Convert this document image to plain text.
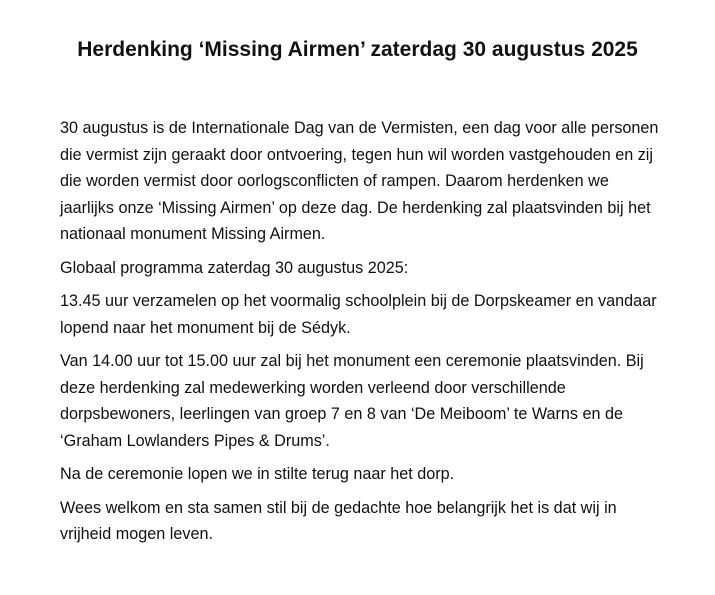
Herdenking ‘Missing Airmen’ zaterdag 30 augustus 2025

30 augustus is de Internationale Dag van de Vermisten, een dag voor alle personen die vermist zijn geraakt door ontvoering, tegen hun wil worden vastgehouden en zij die worden vermist door oorlogsconflicten of rampen. Daarom herdenken we jaarlijks onze ‘Missing Airmen’ op deze dag. De herdenking zal plaatsvinden bij het nationaal monument Missing Airmen.

Globaal programma zaterdag 30 augustus 2025:

13.45 uur verzamelen op het voormalig schoolplein bij de Dorpskeamer en vandaar lopend naar het monument bij de Sédyk.

Van 14.00 uur tot 15.00 uur zal bij het monument een ceremonie plaatsvinden. Bij deze herdenking zal medewerking worden verleend door verschillende dorpsbewoners, leerlingen van groep 7 en 8 van ‘De Meiboom’ te Warns en de ‘Graham Lowlanders Pipes & Drums’.

Na de ceremonie lopen we in stilte terug naar het dorp.

Wees welkom en sta samen stil bij de gedachte hoe belangrijk het is dat wij in vrijheid mogen leven.
